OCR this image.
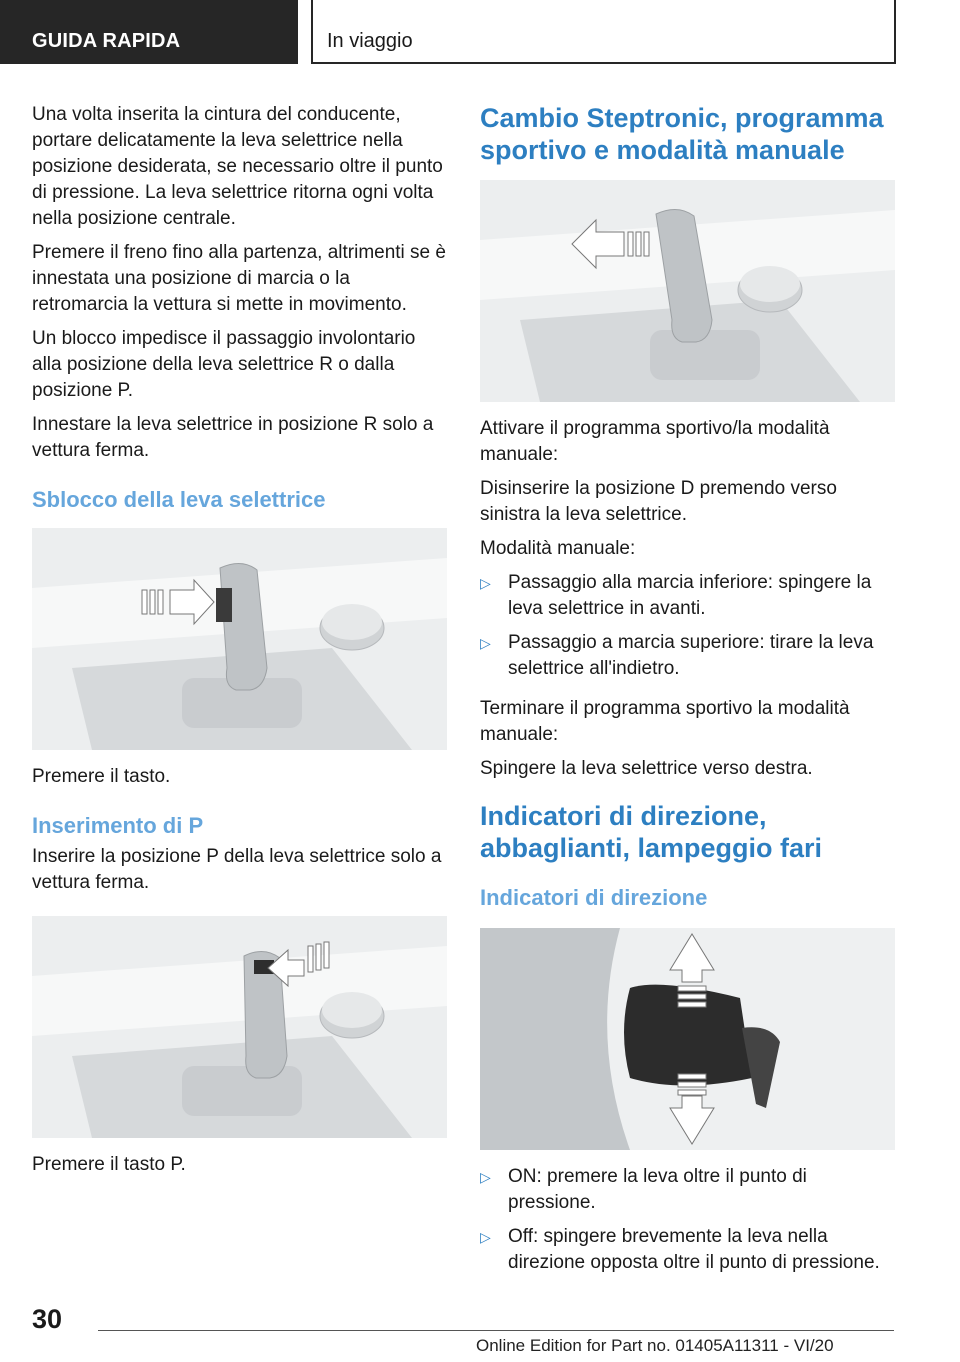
GUIDA RAPIDA	In viaggio

Una volta inserita la cintura del conducente, portare delicatamente la leva selettrice nella posizione desiderata, se necessario oltre il punto di pressione. La leva selettrice ritorna ogni volta nella posizione centrale.

Premere il freno fino alla partenza, altrimenti se è innestata una posizione di marcia o la retromarcia la vettura si mette in movimento.

Un blocco impedisce il passaggio involontario alla posizione della leva selettrice R o dalla posizione P.

Innestare la leva selettrice in posizione R solo a vettura ferma.

Sblocco della leva selettrice

Premere il tasto.

Inserimento di P

Inserire la posizione P della leva selettrice solo a vettura ferma.

Premere il tasto P.

Cambio Steptronic, programma sportivo e modalità manuale

Attivare il programma sportivo/la modalità manuale:

Disinserire la posizione D premendo verso sinistra la leva selettrice.

Modalità manuale:

▷ Passaggio alla marcia inferiore: spingere la leva selettrice in avanti.
▷ Passaggio a marcia superiore: tirare la leva selettrice all'indietro.

Terminare il programma sportivo la modalità manuale:

Spingere la leva selettrice verso destra.

Indicatori di direzione, abbaglianti, lampeggio fari
Indicatori di direzione
▷ ON: premere la leva oltre il punto di pressione.
▷ Off: spingere brevemente la leva nella direzione opposta oltre il punto di pressione.
30
Online Edition for Part no. 01405A11311 - VI/20
